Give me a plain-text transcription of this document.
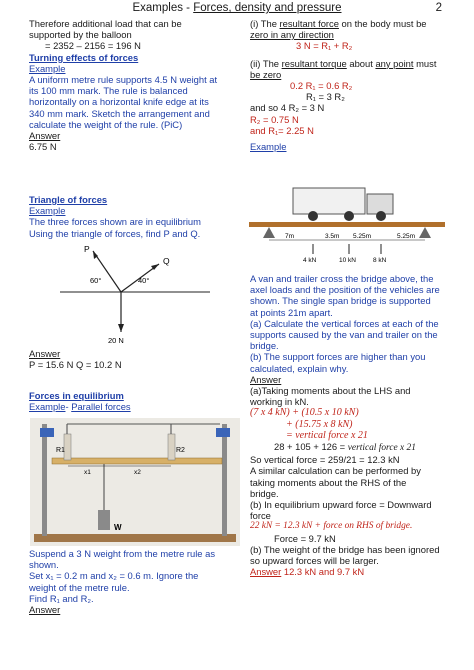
Examples - Forces, density and pressure	2
Therefore additional load that can be
supported by the balloon
= 2352 – 2156 = 196 N
Turning effects of forces
Example
A uniform metre rule supports 4.5 N weight at
its 100 mm mark. The rule is balanced
horizontally on a horizontal knife edge at its
340 mm mark. Sketch the arrangement and
calculate the weight of the rule. (PiC)
Answer
6.75 N
Triangle of forces
Example
The three forces shown are in equilibrium
Using the triangle of forces, find P and Q.
P
Q
60°	40°
20 N
Answer
P = 15.6 N Q = 10.2 N
Forces in equilibrium
Example- Parallel forces
R1	R2
x1	x2
W
Suspend a 3 N weight from the metre rule as
shown.
Set x₁ = 0.2 m and x₂ = 0.6 m. Ignore the
weight of the metre rule.
Find R₁ and R₂.
Answer
(i) The resultant force on the body must be
zero in any direction
3 N = R₁ + R₂
(ii) The resultant torque about any point must
be zero
0.2 R₁ = 0.6 R₂
R₁ = 3 R₂
and so 4 R₂ = 3 N
R₂ = 0.75 N
and R₁= 2.25 N
Example
7m	3.5m 5.25m	5.25m
4 kN	10 kN	8 kN
A van and trailer cross the bridge above, the
axel loads and the position of the vehicles are
shown. The single span bridge is supported
at points 21m apart.
(a) Calculate the vertical forces at each of the
supports caused by the van and trailer on the
bridge.
(b) The support forces are higher than you
calculated, explain why.
Answer
(a)Taking moments about the LHS and
working in kN.
(7 x 4 kN) + (10.5 x 10 kN)
+ (15.75 x 8 kN)
= vertical force x 21
28 + 105 + 126 = vertical force x 21
So vertical force = 259/21 = 12.3 kN
A similar calculation can be performed by
taking moments about the RHS of the
bridge.
(b) In equilibrium upward force = Downward
force
22 kN = 12.3 kN + force on RHS of bridge.
Force = 9.7 kN
(b) The weight of the bridge has been ignored
so upward forces will be larger.
Answer 12.3 kN and 9.7 kN
